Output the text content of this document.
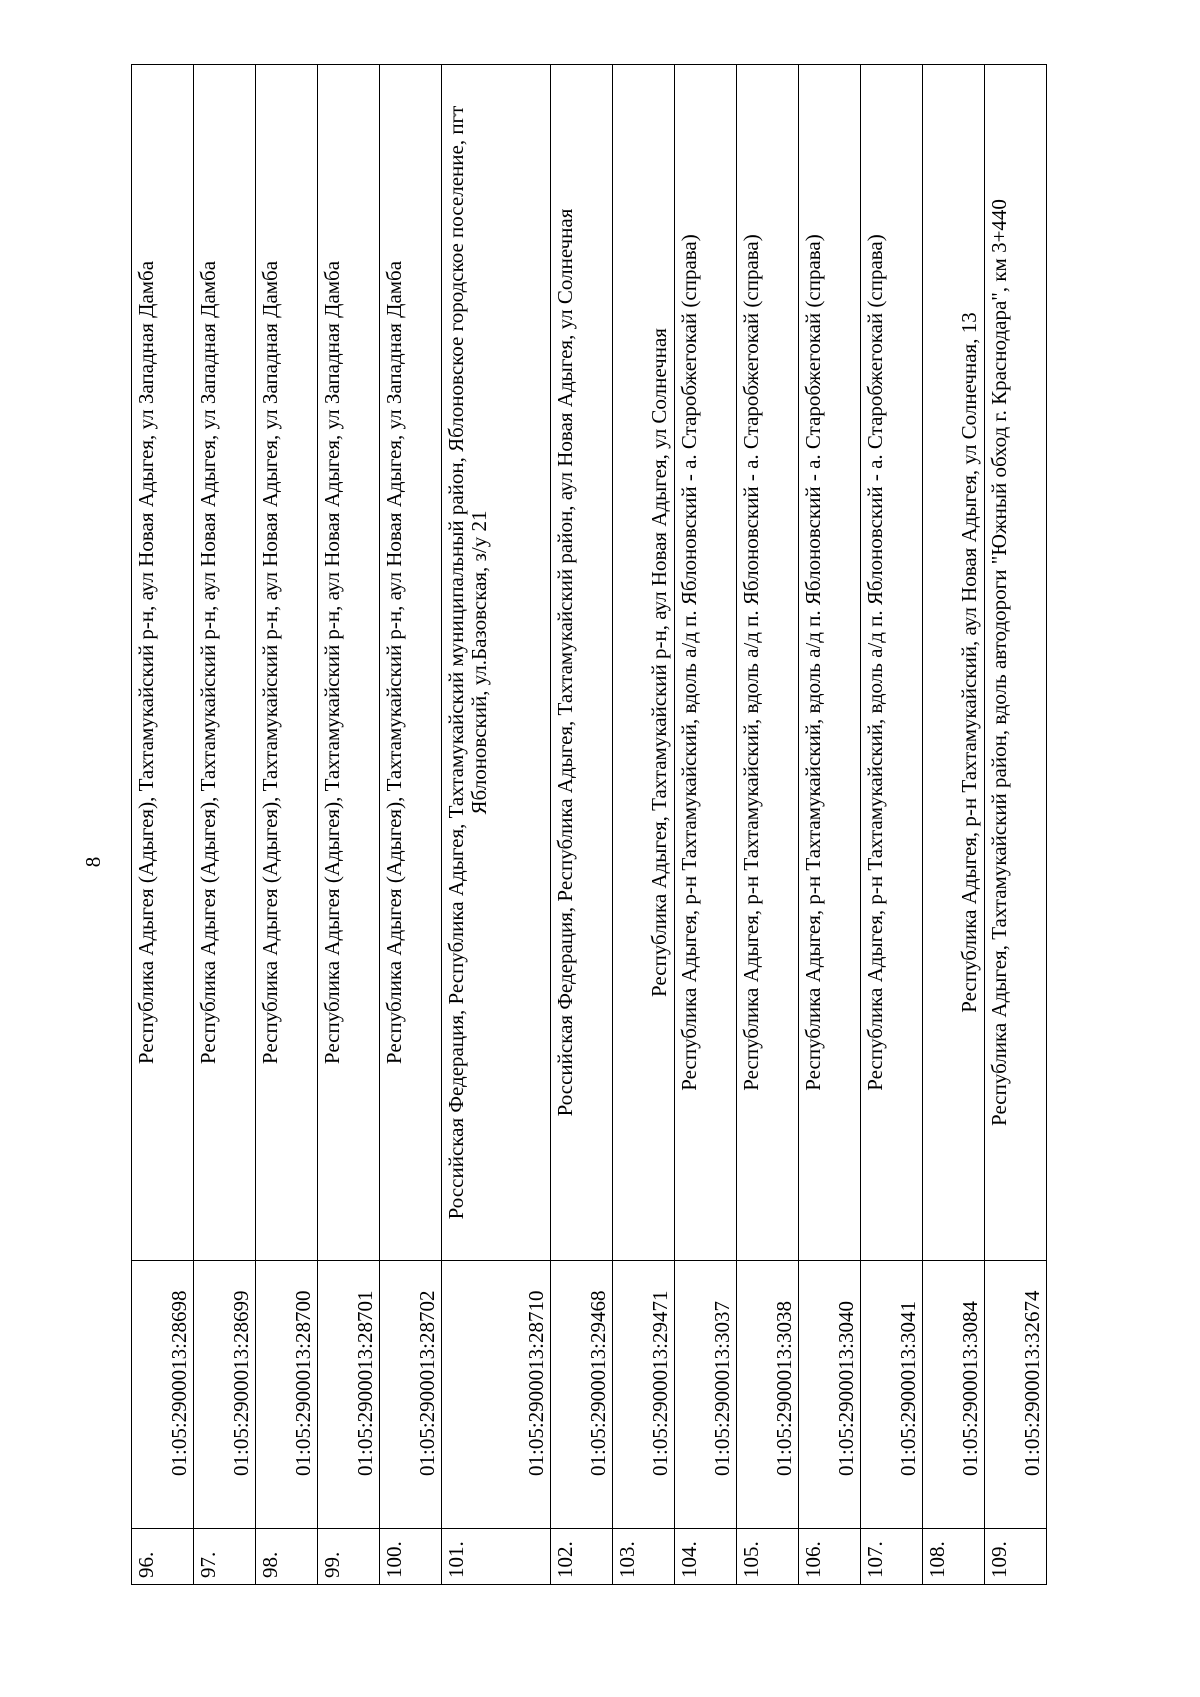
8
96.	01:05:2900013:28698	Республика Адыгея (Адыгея), Тахтамукайский р-н, аул Новая Адыгея, ул Западная Дамба
97.	01:05:2900013:28699	Республика Адыгея (Адыгея), Тахтамукайский р-н, аул Новая Адыгея, ул Западная Дамба
98.	01:05:2900013:28700	Республика Адыгея (Адыгея), Тахтамукайский р-н, аул Новая Адыгея, ул Западная Дамба
99.	01:05:2900013:28701	Республика Адыгея (Адыгея), Тахтамукайский р-н, аул Новая Адыгея, ул Западная Дамба
100.	01:05:2900013:28702	Республика Адыгея (Адыгея), Тахтамукайский р-н, аул Новая Адыгея, ул Западная Дамба
101.	01:05:2900013:28710	Российская Федерация, Республика Адыгея, Тахтамукайский муниципальный район, Яблоновское городское поселение, пгт Яблоновский, ул.Базовская, з/у 21
102.	01:05:2900013:29468	Российская Федерация, Республика Адыгея, Тахтамукайский район, аул Новая Адыгея, ул Солнечная
103.	01:05:2900013:29471	Республика Адыгея, Тахтамукайский р-н, аул Новая Адыгея, ул Солнечная
104.	01:05:2900013:3037	Республика Адыгея, р-н Тахтамукайский, вдоль а/д п. Яблоновский - а. Старобжегокай (справа)
105.	01:05:2900013:3038	Республика Адыгея, р-н Тахтамукайский, вдоль а/д п. Яблоновский - а. Старобжегокай (справа)
106.	01:05:2900013:3040	Республика Адыгея, р-н Тахтамукайский, вдоль а/д п. Яблоновский - а. Старобжегокай (справа)
107.	01:05:2900013:3041	Республика Адыгея, р-н Тахтамукайский, вдоль а/д п. Яблоновский - а. Старобжегокай (справа)
108.	01:05:2900013:3084	Республика Адыгея, р-н Тахтамукайский, аул Новая Адыгея, ул Солнечная, 13
109.	01:05:2900013:32674	Республика Адыгея, Тахтамукайский район, вдоль автодороги "Южный обход г. Краснодара", км 3+440
